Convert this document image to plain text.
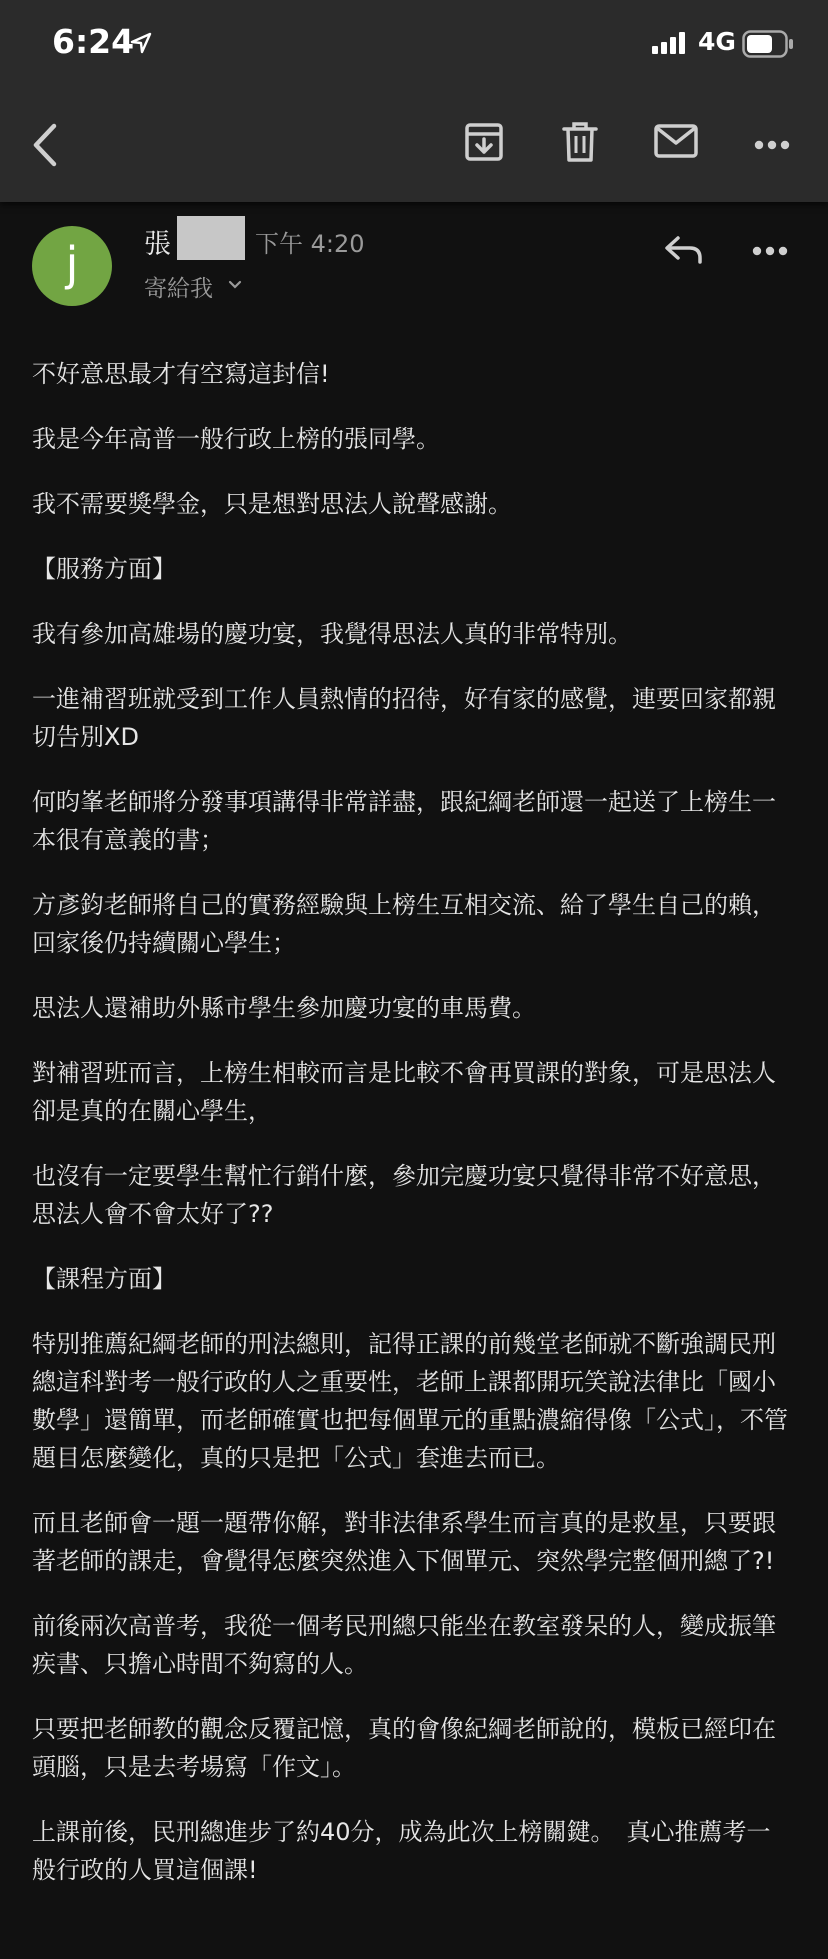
6:24	4G
j	張	下午 4:20
寄給我

不好意思最才有空寫這封信!

我是今年高普一般行政上榜的張同學。

我不需要獎學金，只是想對思法人說聲感謝。

【服務方面】

我有參加高雄場的慶功宴，我覺得思法人真的非常特別。

一進補習班就受到工作人員熱情的招待，好有家的感覺，連要回家都親切告別XD

何昀峯老師將分發事項講得非常詳盡，跟紀綱老師還一起送了上榜生一本很有意義的書；

方彥鈞老師將自己的實務經驗與上榜生互相交流、給了學生自己的賴，回家後仍持續關心學生；

思法人還補助外縣市學生參加慶功宴的車馬費。

對補習班而言，上榜生相較而言是比較不會再買課的對象，可是思法人卻是真的在關心學生，

也沒有一定要學生幫忙行銷什麼，參加完慶功宴只覺得非常不好意思，思法人會不會太好了??

【課程方面】

特別推薦紀綱老師的刑法總則，記得正課的前幾堂老師就不斷強調民刑總這科對考一般行政的人之重要性，老師上課都開玩笑說法律比「國小數學」還簡單，而老師確實也把每個單元的重點濃縮得像「公式」，不管題目怎麼變化，真的只是把「公式」套進去而已。

而且老師會一題一題帶你解，對非法律系學生而言真的是救星，只要跟著老師的課走，會覺得怎麼突然進入下個單元、突然學完整個刑總了?!

前後兩次高普考，我從一個考民刑總只能坐在教室發呆的人，變成振筆疾書、只擔心時間不夠寫的人。

只要把老師教的觀念反覆記憶，真的會像紀綱老師說的，模板已經印在頭腦，只是去考場寫「作文」。

上課前後，民刑總進步了約40分，成為此次上榜關鍵。　真心推薦考一般行政的人買這個課!
